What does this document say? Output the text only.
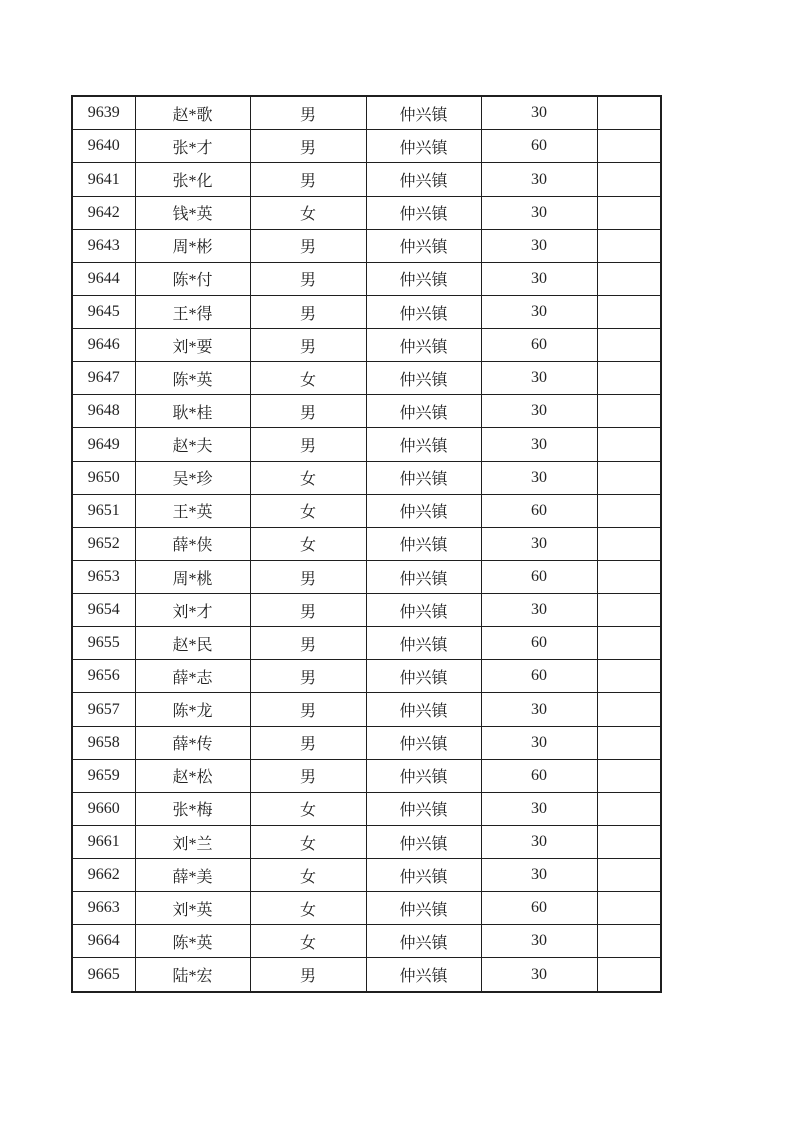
9639	赵*歌	男	仲兴镇	30	
9640	张*才	男	仲兴镇	60	
9641	张*化	男	仲兴镇	30	
9642	钱*英	女	仲兴镇	30	
9643	周*彬	男	仲兴镇	30	
9644	陈*付	男	仲兴镇	30	
9645	王*得	男	仲兴镇	30	
9646	刘*要	男	仲兴镇	60	
9647	陈*英	女	仲兴镇	30	
9648	耿*桂	男	仲兴镇	30	
9649	赵*夫	男	仲兴镇	30	
9650	吴*珍	女	仲兴镇	30	
9651	王*英	女	仲兴镇	60	
9652	薛*侠	女	仲兴镇	30	
9653	周*桃	男	仲兴镇	60	
9654	刘*才	男	仲兴镇	30	
9655	赵*民	男	仲兴镇	60	
9656	薛*志	男	仲兴镇	60	
9657	陈*龙	男	仲兴镇	30	
9658	薛*传	男	仲兴镇	30	
9659	赵*松	男	仲兴镇	60	
9660	张*梅	女	仲兴镇	30	
9661	刘*兰	女	仲兴镇	30	
9662	薛*美	女	仲兴镇	30	
9663	刘*英	女	仲兴镇	60	
9664	陈*英	女	仲兴镇	30	
9665	陆*宏	男	仲兴镇	30	
